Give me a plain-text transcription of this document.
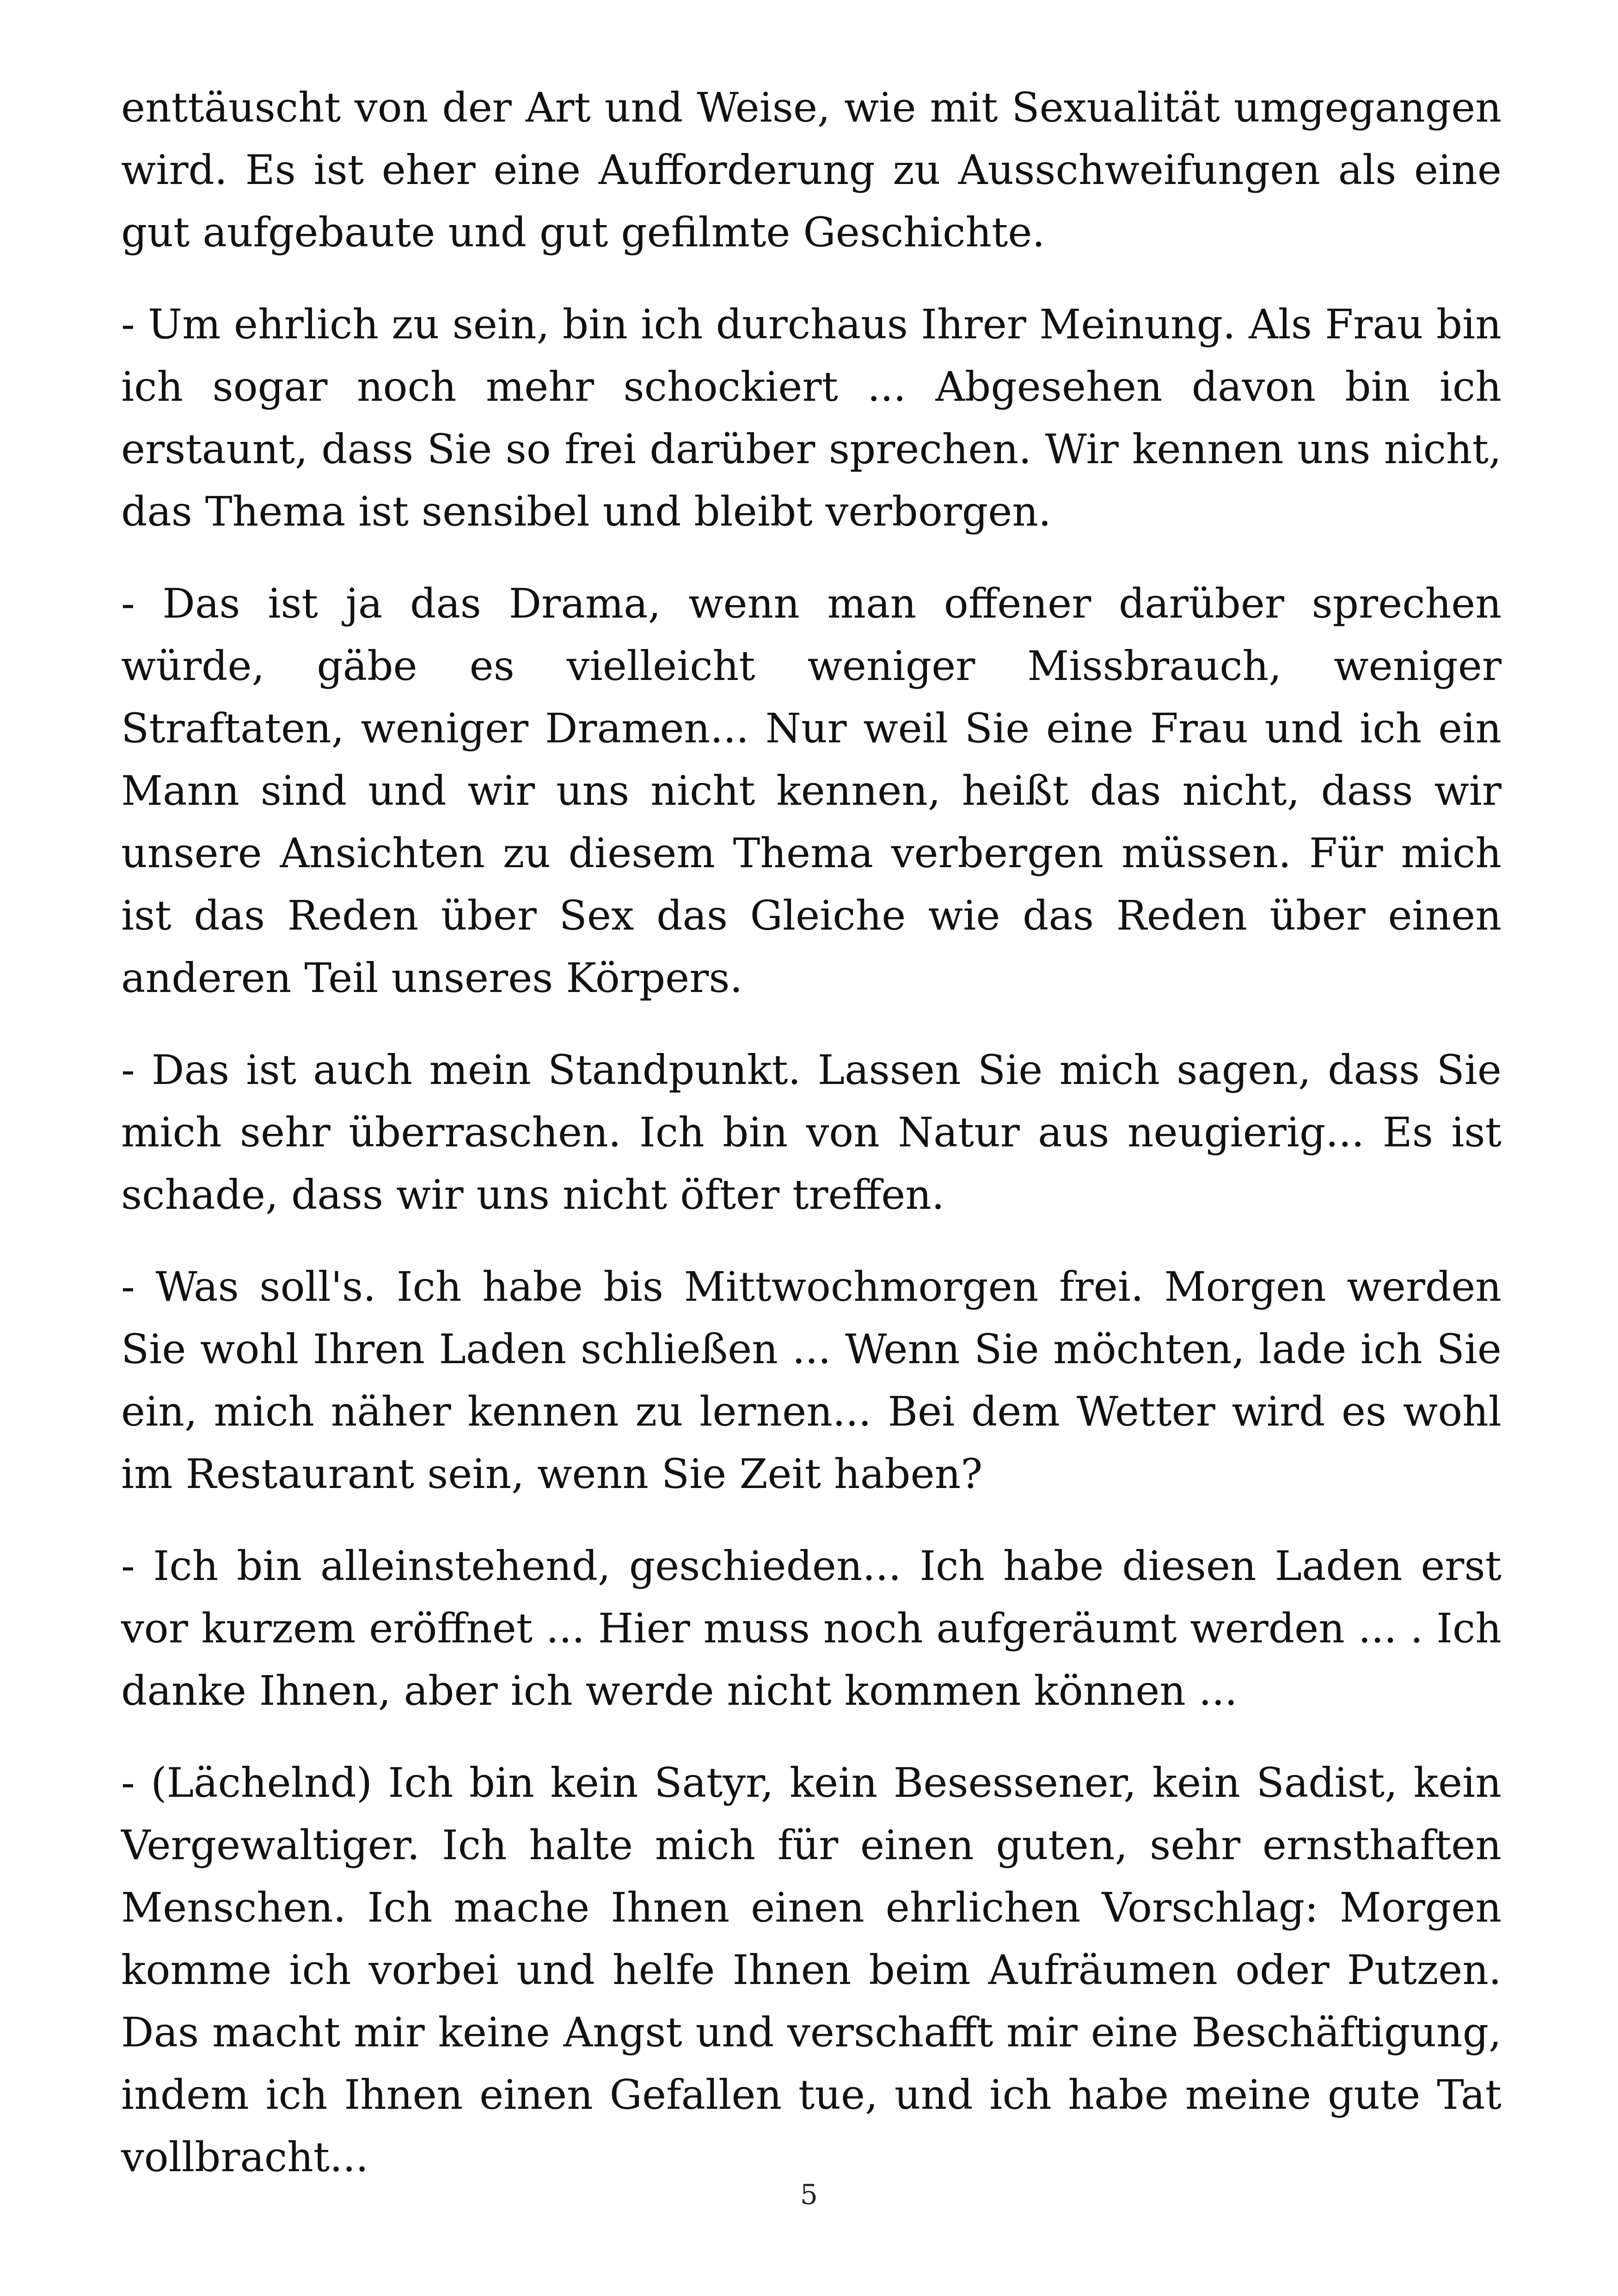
enttäuscht von der Art und Weise, wie mit Sexualität umgegangen wird. Es ist eher eine Aufforderung zu Ausschweifungen als eine gut aufgebaute und gut gefilmte Geschichte.

- Um ehrlich zu sein, bin ich durchaus Ihrer Meinung. Als Frau bin ich sogar noch mehr schockiert ... Abgesehen davon bin ich erstaunt, dass Sie so frei darüber sprechen. Wir kennen uns nicht, das Thema ist sensibel und bleibt verborgen.

- Das ist ja das Drama, wenn man offener darüber sprechen würde, gäbe es vielleicht weniger Missbrauch, weniger Straftaten, weniger Dramen... Nur weil Sie eine Frau und ich ein Mann sind und wir uns nicht kennen, heißt das nicht, dass wir unsere Ansichten zu diesem Thema verbergen müssen. Für mich ist das Reden über Sex das Gleiche wie das Reden über einen anderen Teil unseres Körpers.

- Das ist auch mein Standpunkt. Lassen Sie mich sagen, dass Sie mich sehr überraschen. Ich bin von Natur aus neugierig... Es ist schade, dass wir uns nicht öfter treffen.

- Was soll's. Ich habe bis Mittwochmorgen frei. Morgen werden Sie wohl Ihren Laden schließen ... Wenn Sie möchten, lade ich Sie ein, mich näher kennen zu lernen... Bei dem Wetter wird es wohl im Restaurant sein, wenn Sie Zeit haben?

- Ich bin alleinstehend, geschieden... Ich habe diesen Laden erst vor kurzem eröffnet ... Hier muss noch aufgeräumt werden ... . Ich danke Ihnen, aber ich werde nicht kommen können ...

- (Lächelnd) Ich bin kein Satyr, kein Besessener, kein Sadist, kein Vergewaltiger. Ich halte mich für einen guten, sehr ernsthaften Menschen. Ich mache Ihnen einen ehrlichen Vorschlag: Morgen komme ich vorbei und helfe Ihnen beim Aufräumen oder Putzen. Das macht mir keine Angst und verschafft mir eine Beschäftigung, indem ich Ihnen einen Gefallen tue, und ich habe meine gute Tat vollbracht...

5
